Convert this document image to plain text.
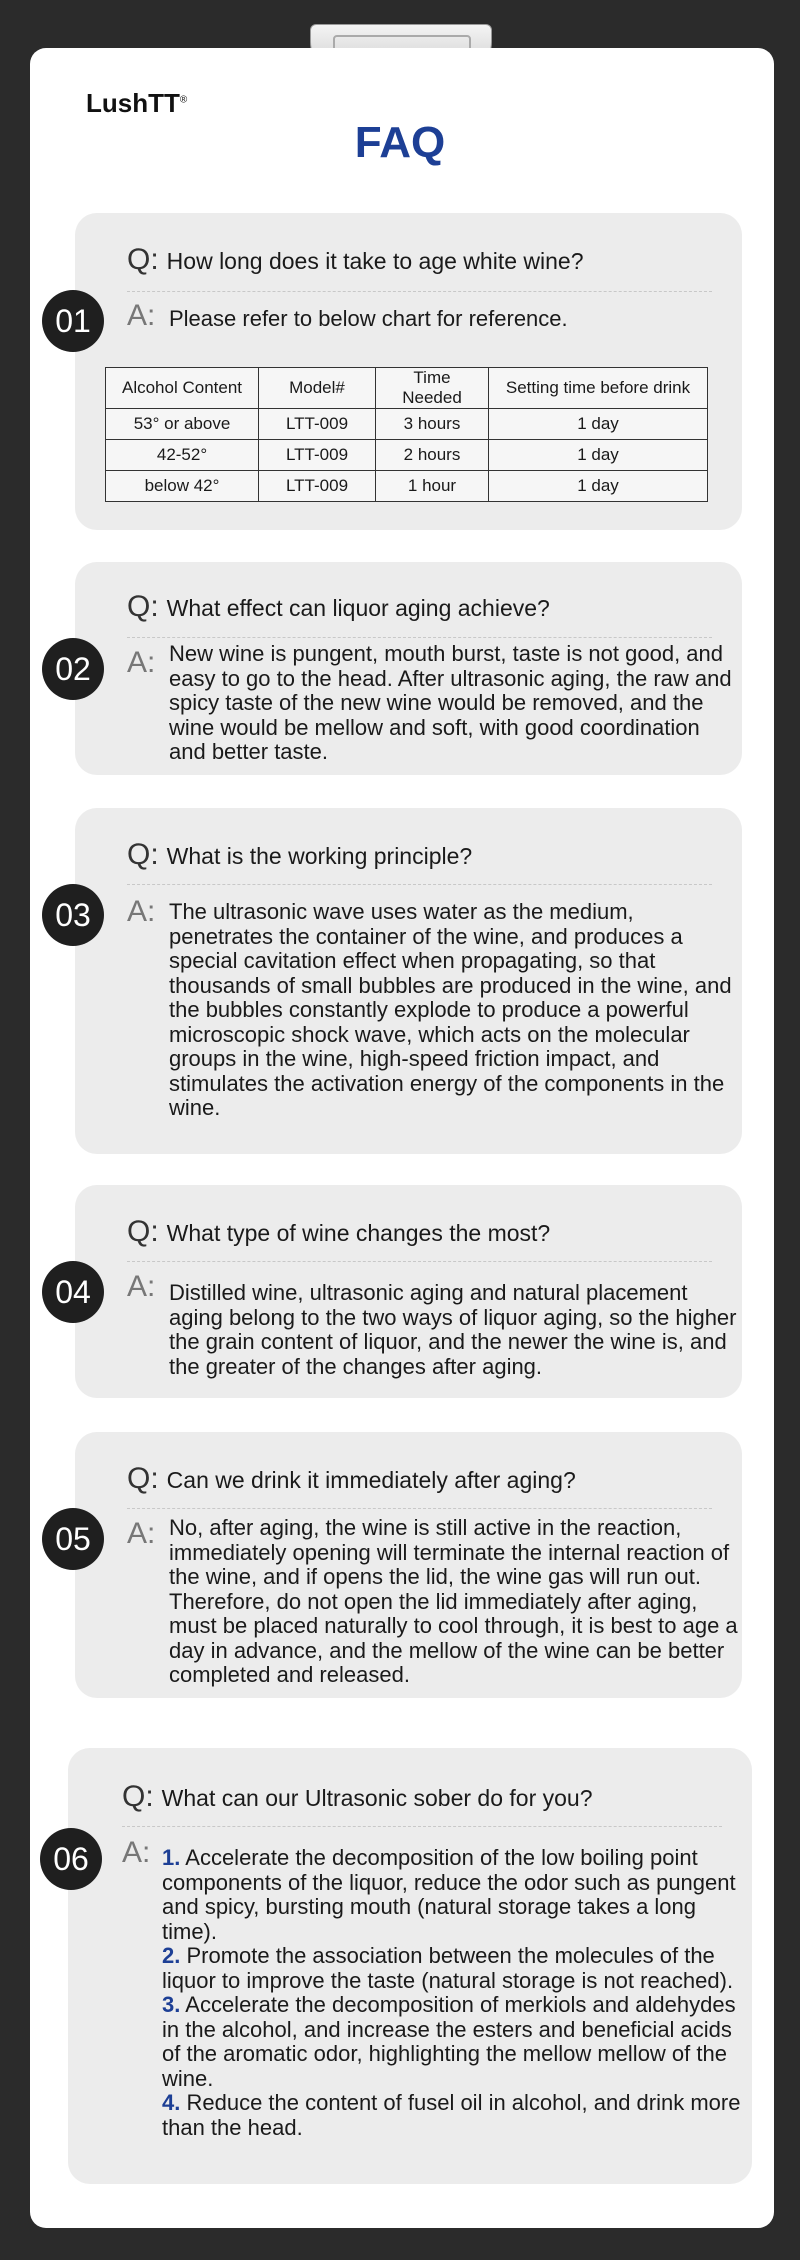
LushTT®
FAQ
Q: How long does it take to age white wine?
A: Please refer to below chart for reference.
Alcohol Content	Model#	Time Needed	Setting time before drink
53° or above	LTT-009	3 hours	1 day
42-52°	LTT-009	2 hours	1 day
below 42°	LTT-009	1 hour	1 day
01
Q: What effect can liquor aging achieve?
A: New wine is pungent, mouth burst, taste is not good, and easy to go to the head. After ultrasonic aging, the raw and spicy taste of the new wine would be removed, and the wine would be mellow and soft, with good coordination and better taste.
02
Q: What is the working principle?
A: The ultrasonic wave uses water as the medium, penetrates the container of the wine, and produces a special cavitation effect when propagating, so that thousands of small bubbles are produced in the wine, and the bubbles constantly explode to produce a powerful microscopic shock wave, which acts on the molecular groups in the wine, high-speed friction impact, and stimulates the activation energy of the components in the wine.
03
Q: What type of wine changes the most?
A: Distilled wine, ultrasonic aging and natural placement aging belong to the two ways of liquor aging, so the higher the grain content of liquor, and the newer the wine is, and the greater of the changes after aging.
04
Q: Can we drink it immediately after aging?
A: No, after aging, the wine is still active in the reaction, immediately opening will terminate the internal reaction of the wine, and if opens the lid, the wine gas will run out. Therefore, do not open the lid immediately after aging, must be placed naturally to cool through, it is best to age a day in advance, and the mellow of the wine can be better completed and released.
05
Q: What can our Ultrasonic sober do for you?
A: 1. Accelerate the decomposition of the low boiling point components of the liquor, reduce the odor such as pungent and spicy, bursting mouth (natural storage takes a long time).
2. Promote the association between the molecules of the liquor to improve the taste (natural storage is not reached).
3. Accelerate the decomposition of merkiols and aldehydes in the alcohol, and increase the esters and beneficial acids of the aromatic odor, highlighting the mellow mellow of the wine.
4. Reduce the content of fusel oil in alcohol, and drink more than the head.
06
